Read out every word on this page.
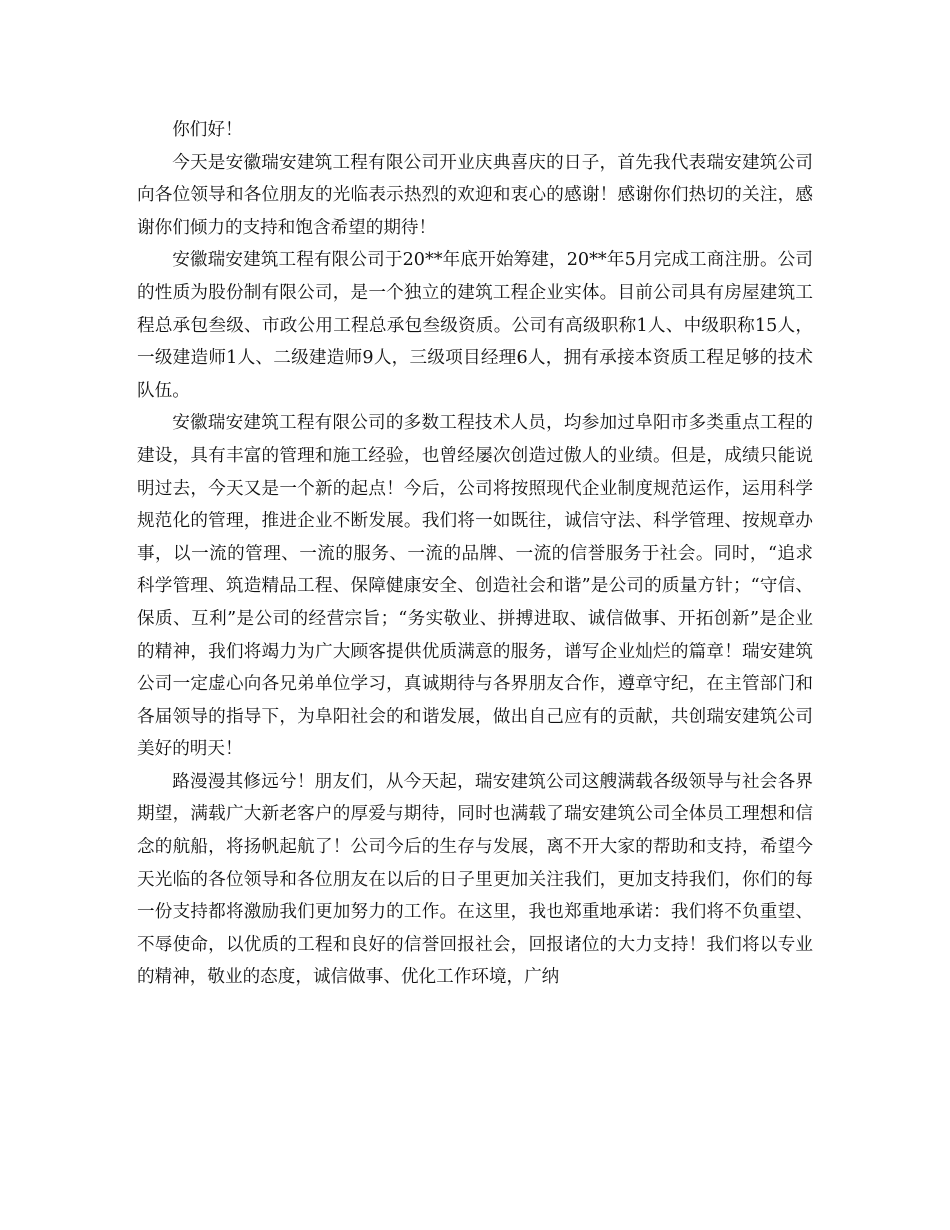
你们好！

今天是安徽瑞安建筑工程有限公司开业庆典喜庆的日子，首先我代表瑞安建筑公司向各位领导和各位朋友的光临表示热烈的欢迎和衷心的感谢！感谢你们热切的关注，感谢你们倾力的支持和饱含希望的期待！

安徽瑞安建筑工程有限公司于20**年底开始筹建，20**年5月完成工商注册。公司的性质为股份制有限公司，是一个独立的建筑工程企业实体。目前公司具有房屋建筑工程总承包叁级、市政公用工程总承包叁级资质。公司有高级职称1人、中级职称15人，一级建造师1人、二级建造师9人，三级项目经理6人，拥有承接本资质工程足够的技术队伍。

安徽瑞安建筑工程有限公司的多数工程技术人员，均参加过阜阳市多类重点工程的建设，具有丰富的管理和施工经验，也曾经屡次创造过傲人的业绩。但是，成绩只能说明过去，今天又是一个新的起点！今后，公司将按照现代企业制度规范运作，运用科学规范化的管理，推进企业不断发展。我们将一如既往，诚信守法、科学管理、按规章办事，以一流的管理、一流的服务、一流的品牌、一流的信誉服务于社会。同时，“追求科学管理、筑造精品工程、保障健康安全、创造社会和谐”是公司的质量方针；“守信、保质、互利”是公司的经营宗旨；“务实敬业、拼搏进取、诚信做事、开拓创新”是企业的精神，我们将竭力为广大顾客提供优质满意的服务，谱写企业灿烂的篇章！瑞安建筑公司一定虚心向各兄弟单位学习，真诚期待与各界朋友合作，遵章守纪，在主管部门和各届领导的指导下，为阜阳社会的和谐发展，做出自己应有的贡献，共创瑞安建筑公司美好的明天！

路漫漫其修远兮！朋友们，从今天起，瑞安建筑公司这艘满载各级领导与社会各界期望，满载广大新老客户的厚爱与期待，同时也满载了瑞安建筑公司全体员工理想和信念的航船，将扬帆起航了！公司今后的生存与发展，离不开大家的帮助和支持，希望今天光临的各位领导和各位朋友在以后的日子里更加关注我们，更加支持我们，你们的每一份支持都将激励我们更加努力的工作。在这里，我也郑重地承诺：我们将不负重望、不辱使命，以优质的工程和良好的信誉回报社会，回报诸位的大力支持！我们将以专业的精神，敬业的态度，诚信做事、优化工作环境，广纳
